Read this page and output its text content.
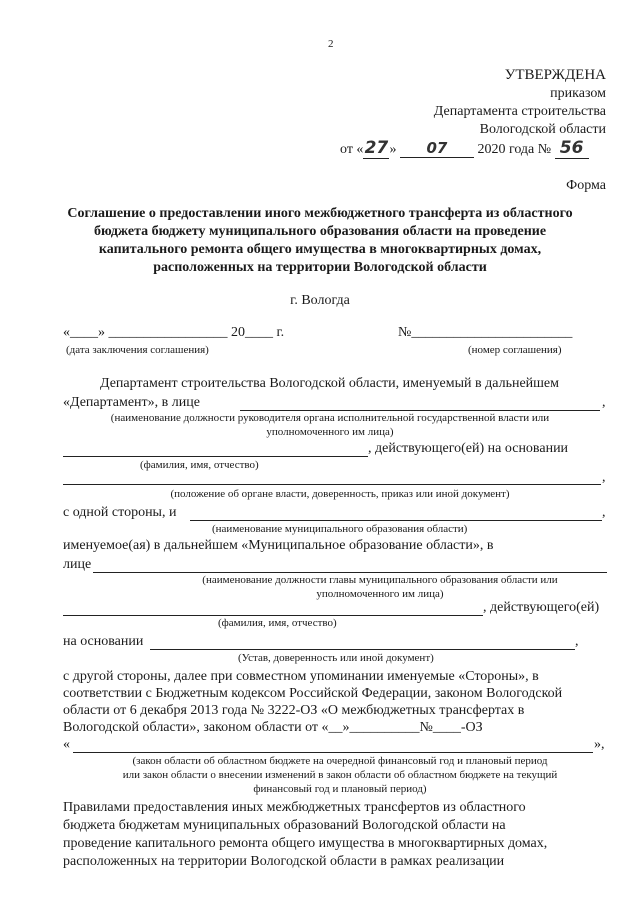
2
УТВЕРЖДЕНА
приказом
Департамента строительства
Вологодской области
от «27» 07 2020 года № 56
Форма
Соглашение о предоставлении иного межбюджетного трансферта из областного
бюджета бюджету муниципального образования области на проведение
капитального ремонта общего имущества в многоквартирных домах,
расположенных на территории Вологодской области
г. Вологда
«____» _________________ 20____ г.
(дата заключения соглашения)
№_______________________
(номер соглашения)
Департамент строительства Вологодской области, именуемый в дальнейшем
«Департамент», в лице	,
(наименование должности руководителя органа исполнительной государственной власти или
уполномоченного им лица)
, действующего(ей) на основании
(фамилия, имя, отчество)
,
(положение об органе власти, доверенность, приказ или иной документ)
с одной стороны, и	,
(наименование муниципального образования области)
именуемое(ая) в дальнейшем «Муниципальное образование области», в
лице
(наименование должности главы муниципального образования области или
уполномоченного им лица)
, действующего(ей)
(фамилия, имя, отчество)
на основании	,
(Устав, доверенность или иной документ)
с другой стороны, далее при совместном упоминании именуемые «Стороны», в
соответствии с Бюджетным кодексом Российской Федерации, законом Вологодской
области от 6 декабря 2013 года № 3222-ОЗ «О межбюджетных трансфертах в
Вологодской области», законом области от «__»__________№____-ОЗ
«	»,
(закон области об областном бюджете на очередной финансовый год и плановый период
или закон области о внесении изменений в закон области об областном бюджете на текущий
финансовый год и плановый период)
Правилами предоставления иных межбюджетных трансфертов из областного
бюджета бюджетам муниципальных образований Вологодской области на
проведение капитального ремонта общего имущества в многоквартирных домах,
расположенных на территории Вологодской области в рамках реализации
